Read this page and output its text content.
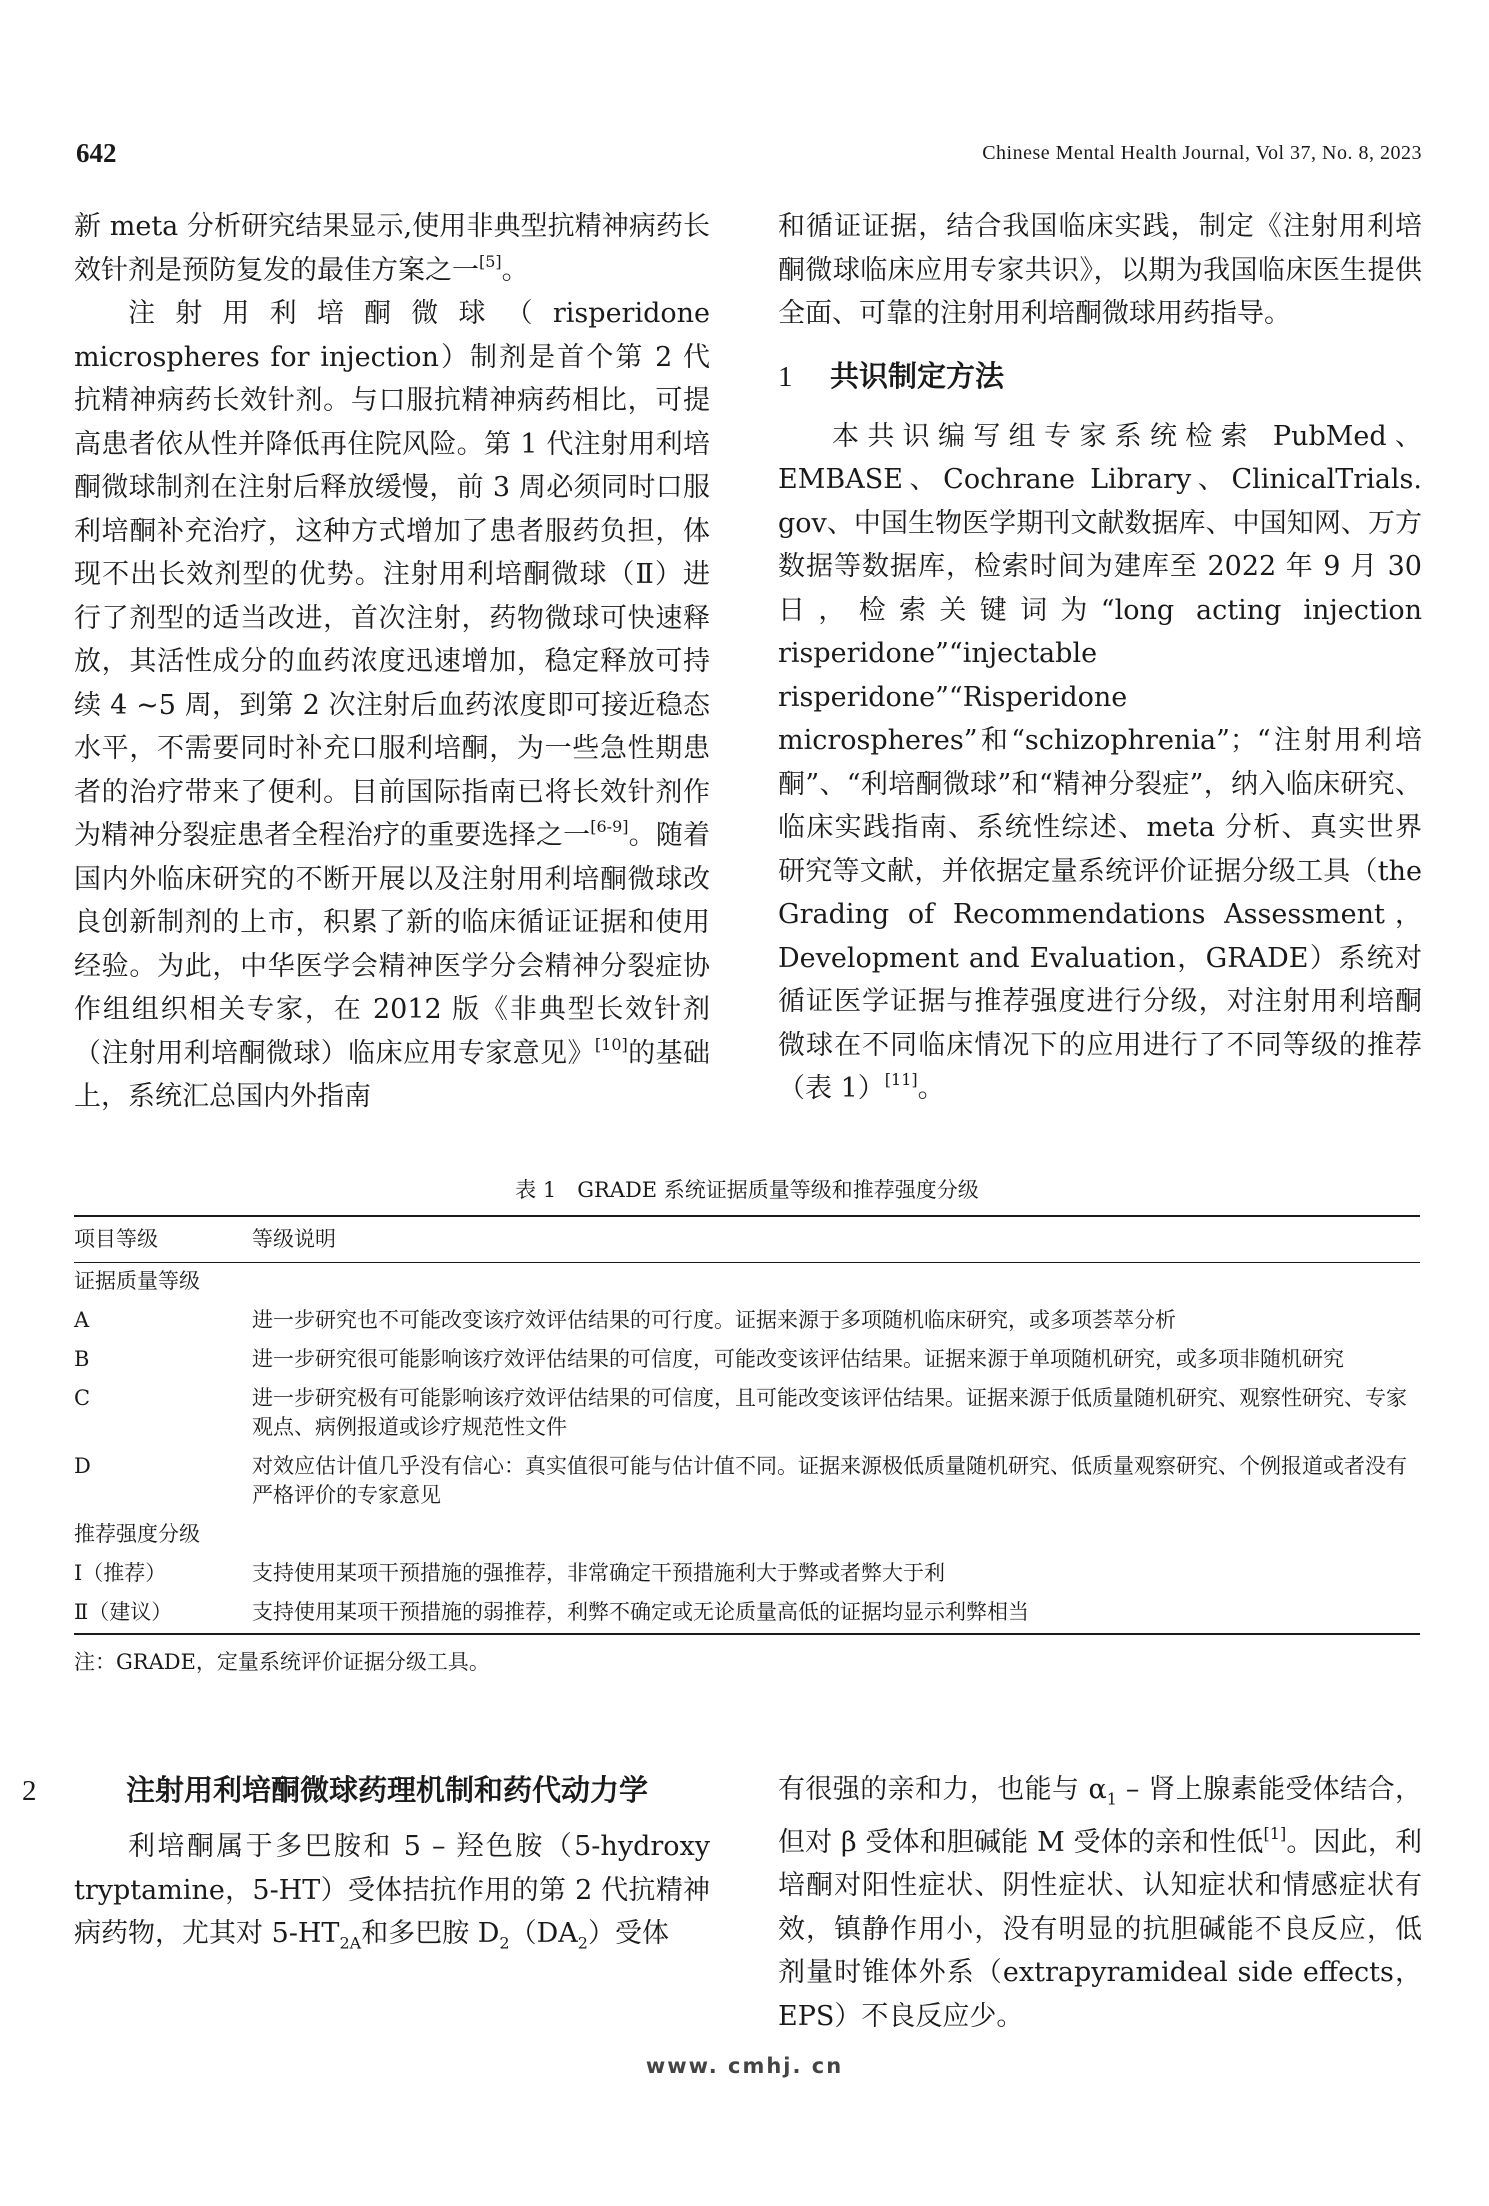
642	Chinese Mental Health Journal, Vol 37, No. 8, 2023

新 meta 分析研究结果显示,使用非典型抗精神病药长效针剂是预防复发的最佳方案之一[5]。

注射用利培酮微球（risperidone microspheres for injection）制剂是首个第 2 代抗精神病药长效针剂。与口服抗精神病药相比，可提高患者依从性并降低再住院风险。第 1 代注射用利培酮微球制剂在注射后释放缓慢，前 3 周必须同时口服利培酮补充治疗，这种方式增加了患者服药负担，体现不出长效剂型的优势。注射用利培酮微球（Ⅱ）进行了剂型的适当改进，首次注射，药物微球可快速释放，其活性成分的血药浓度迅速增加，稳定释放可持续 4 ~5 周，到第 2 次注射后血药浓度即可接近稳态水平，不需要同时补充口服利培酮，为一些急性期患者的治疗带来了便利。目前国际指南已将长效针剂作为精神分裂症患者全程治疗的重要选择之一[6-9]。随着国内外临床研究的不断开展以及注射用利培酮微球改良创新制剂的上市，积累了新的临床循证证据和使用经验。为此，中华医学会精神医学分会精神分裂症协作组组织相关专家，在 2012 版《非典型长效针剂（注射用利培酮微球）临床应用专家意见》[10]的基础上，系统汇总国内外指南

和循证证据，结合我国临床实践，制定《注射用利培酮微球临床应用专家共识》，以期为我国临床医生提供全面、可靠的注射用利培酮微球用药指导。

1 共识制定方法

本共识编写组专家系统检索 PubMed、EMBASE、Cochrane Library、ClinicalTrials. gov、中国生物医学期刊文献数据库、中国知网、万方数据等数据库，检索时间为建库至 2022 年 9 月 30 日，检索关键词为“long acting injection risperidone”“injectable risperidone”“Risperidone microspheres”和“schizophrenia”；“注射用利培酮”、“利培酮微球”和“精神分裂症”，纳入临床研究、临床实践指南、系统性综述、meta 分析、真实世界研究等文献，并依据定量系统评价证据分级工具（the Grading of Recommendations Assessment，Development and Evaluation，GRADE）系统对循证医学证据与推荐强度进行分级，对注射用利培酮微球在不同临床情况下的应用进行了不同等级的推荐（表 1）[11]。

表 1　GRADE 系统证据质量等级和推荐强度分级
项目等级	等级说明
证据质量等级	
A	进一步研究也不可能改变该疗效评估结果的可行度。证据来源于多项随机临床研究，或多项荟萃分析
B	进一步研究很可能影响该疗效评估结果的可信度，可能改变该评估结果。证据来源于单项随机研究，或多项非随机研究
C	进一步研究极有可能影响该疗效评估结果的可信度，且可能改变该评估结果。证据来源于低质量随机研究、观察性研究、专家观点、病例报道或诊疗规范性文件
D	对效应估计值几乎没有信心：真实值很可能与估计值不同。证据来源极低质量随机研究、低质量观察研究、个例报道或者没有严格评价的专家意见
推荐强度分级	
Ⅰ（推荐）	支持使用某项干预措施的强推荐，非常确定干预措施利大于弊或者弊大于利
Ⅱ（建议）	支持使用某项干预措施的弱推荐，利弊不确定或无论质量高低的证据均显示利弊相当
注：GRADE，定量系统评价证据分级工具。
2	注射用利培酮微球药理机制和药代动力学

利培酮属于多巴胺和 5 – 羟色胺（5-hydroxy tryptamine，5-HT）受体拮抗作用的第 2 代抗精神病药物，尤其对 $5-HT_{2A}$和多巴胺 $D_2(DA_2)$受体

有很强的亲和力，也能与 $\alpha_1$ – 肾上腺素能受体结合，但对 β 受体和胆碱能 M 受体的亲和性低[1]。因此，利培酮对阳性症状、阴性症状、认知症状和情感症状有效，镇静作用小，没有明显的抗胆碱能不良反应，低剂量时锥体外系（extrapyramideal side effects，EPS）不良反应少。

www. cmhj. cn
